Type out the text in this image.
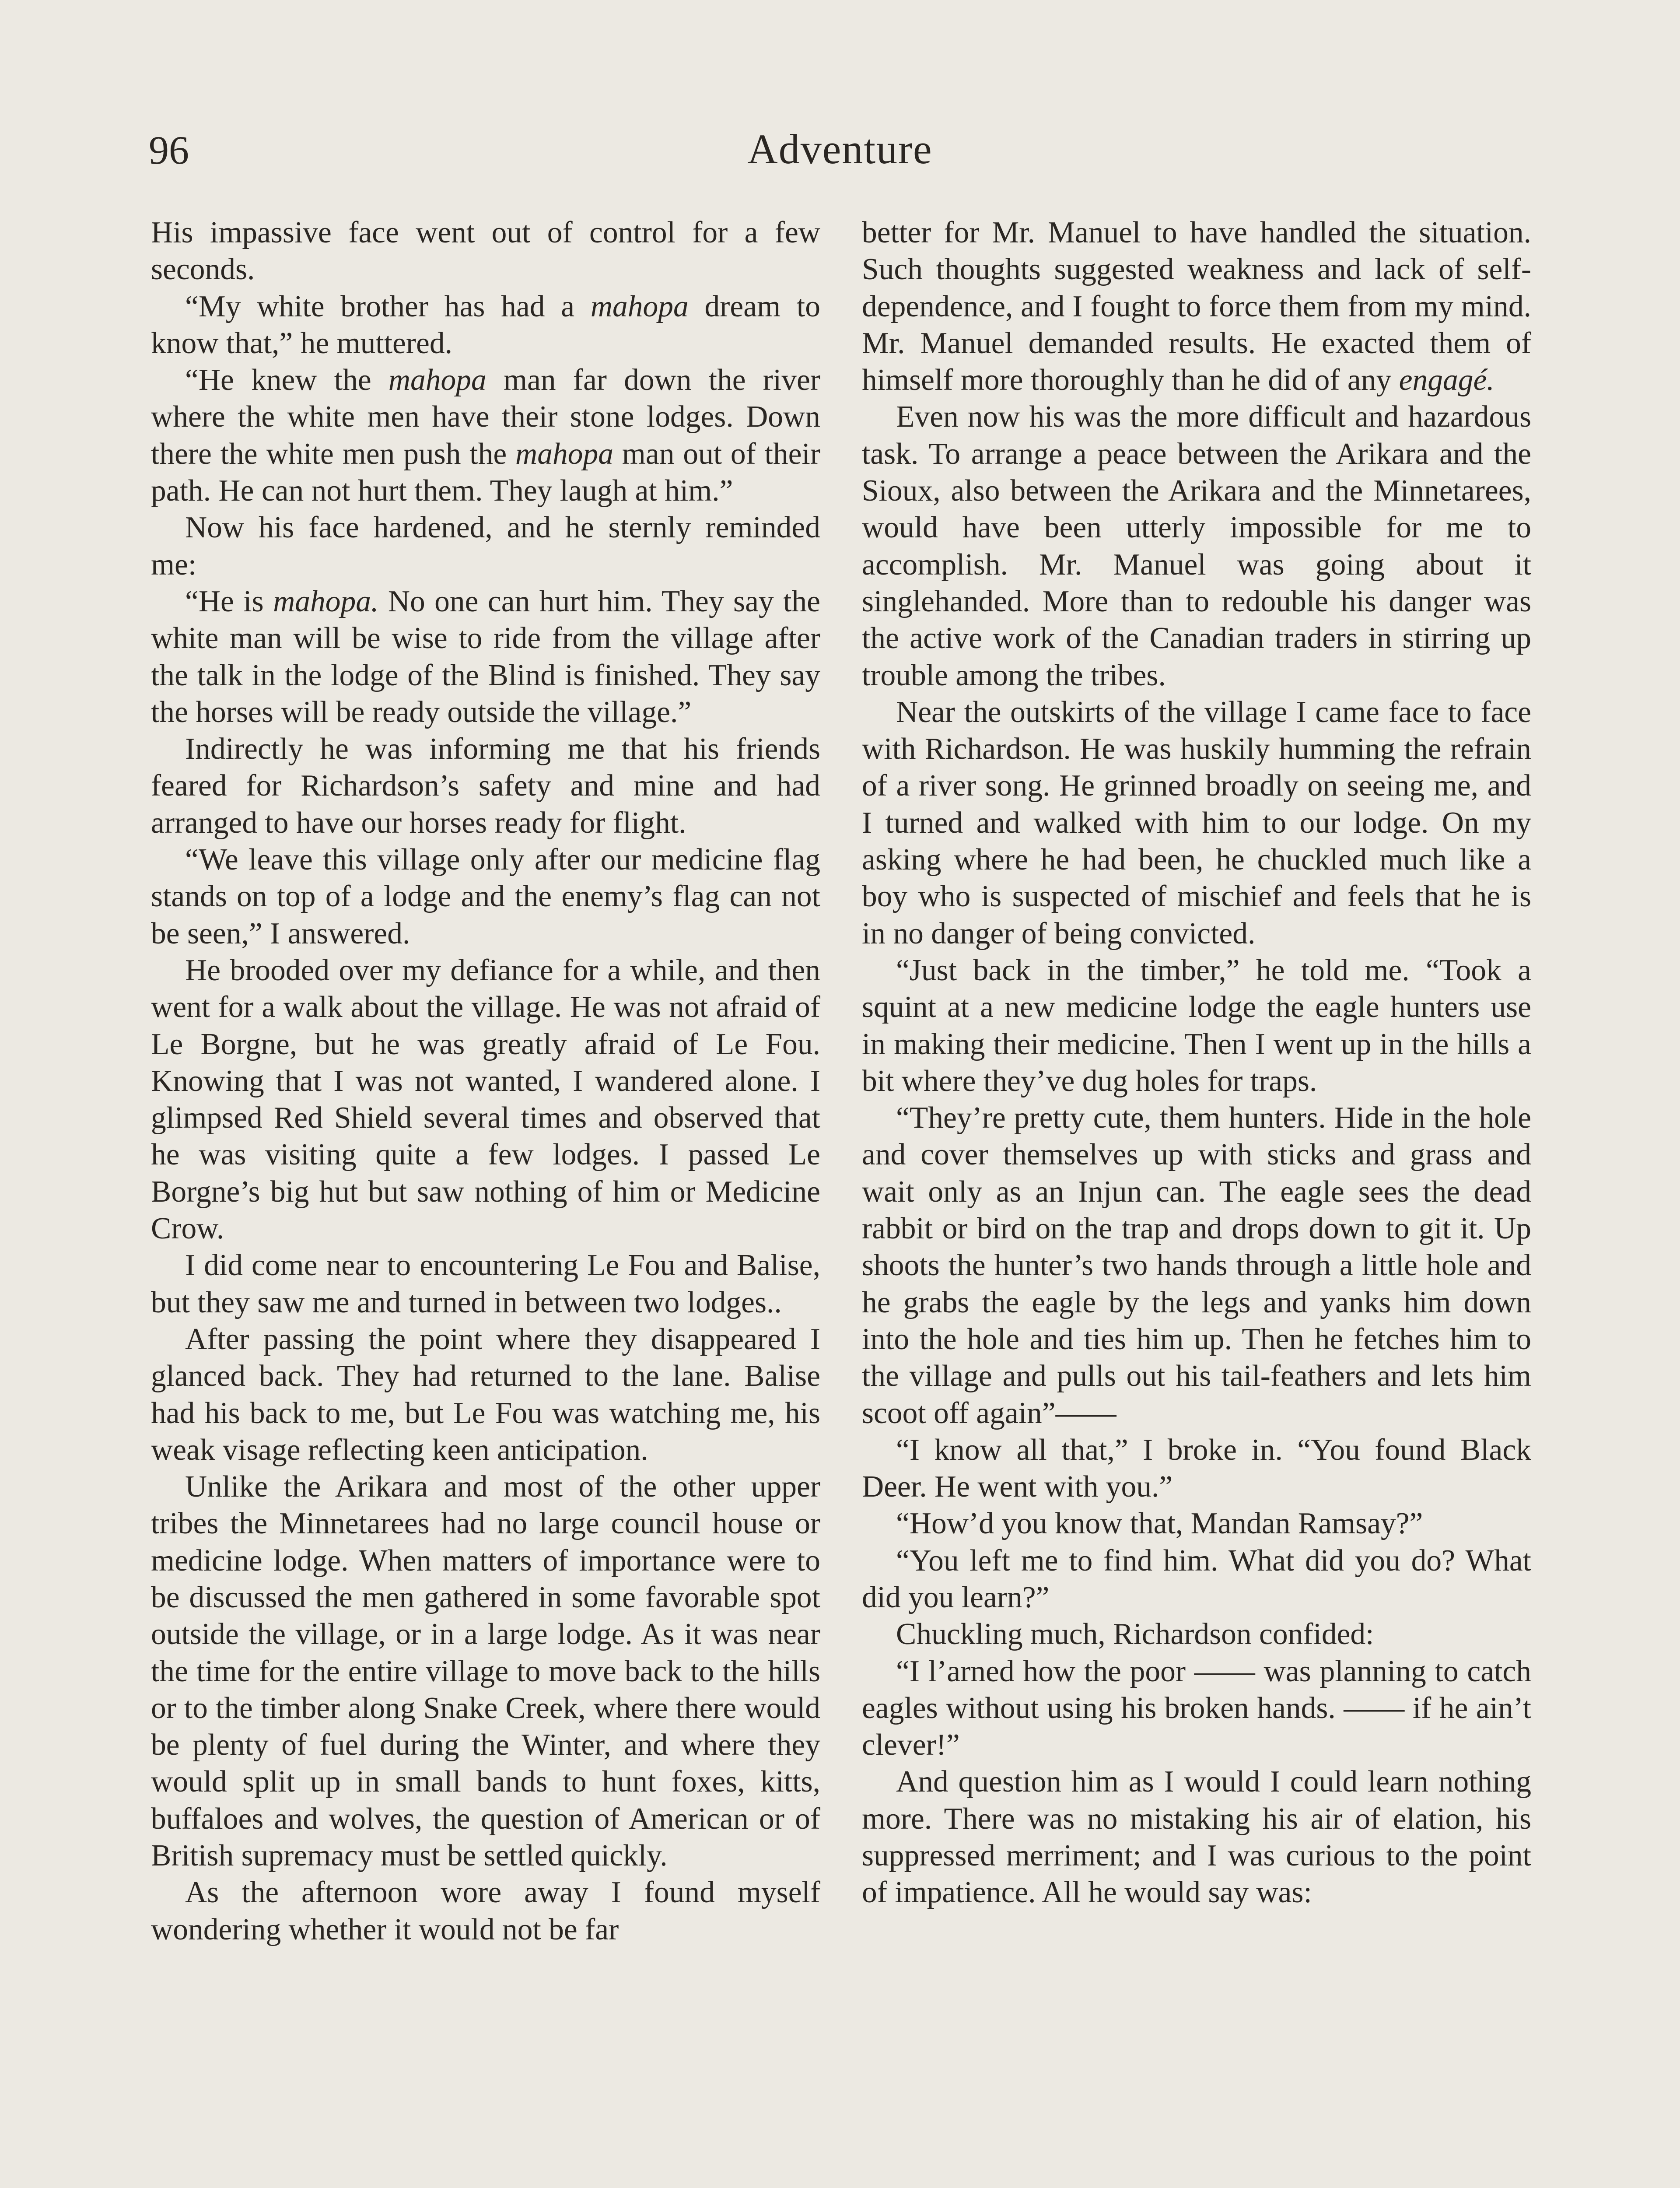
96	Adventure

His impassive face went out of control for a few seconds.

“My white brother has had a mahopa dream to know that,” he muttered.

“He knew the mahopa man far down the river where the white men have their stone lodges. Down there the white men push the mahopa man out of their path. He can not hurt them. They laugh at him.”

Now his face hardened, and he sternly reminded me:

“He is mahopa. No one can hurt him. They say the white man will be wise to ride from the village after the talk in the lodge of the Blind is finished. They say the horses will be ready outside the village.”

Indirectly he was informing me that his friends feared for Richardson’s safety and mine and had arranged to have our horses ready for flight.

“We leave this village only after our medicine flag stands on top of a lodge and the enemy’s flag can not be seen,” I answered.

He brooded over my defiance for a while, and then went for a walk about the village. He was not afraid of Le Borgne, but he was greatly afraid of Le Fou. Knowing that I was not wanted, I wandered alone. I glimpsed Red Shield several times and observed that he was visiting quite a few lodges. I passed Le Borgne’s big hut but saw nothing of him or Medicine Crow.

I did come near to encountering Le Fou and Balise, but they saw me and turned in between two lodges..

After passing the point where they disappeared I glanced back. They had returned to the lane. Balise had his back to me, but Le Fou was watching me, his weak visage reflecting keen anticipation.

Unlike the Arikara and most of the other upper tribes the Minnetarees had no large council house or medicine lodge. When matters of importance were to be discussed the men gathered in some favorable spot outside the village, or in a large lodge. As it was near the time for the entire village to move back to the hills or to the timber along Snake Creek, where there would be plenty of fuel during the Winter, and where they would split up in small bands to hunt foxes, kitts, buffaloes and wolves, the question of American or of British supremacy must be settled quickly.

As the afternoon wore away I found myself wondering whether it would not be far

better for Mr. Manuel to have handled the situation. Such thoughts suggested weakness and lack of self-dependence, and I fought to force them from my mind. Mr. Manuel demanded results. He exacted them of himself more thoroughly than he did of any engagé.

Even now his was the more difficult and hazardous task. To arrange a peace between the Arikara and the Sioux, also between the Arikara and the Minnetarees, would have been utterly impossible for me to accomplish. Mr. Manuel was going about it singlehanded. More than to redouble his danger was the active work of the Canadian traders in stirring up trouble among the tribes.

Near the outskirts of the village I came face to face with Richardson. He was huskily humming the refrain of a river song. He grinned broadly on seeing me, and I turned and walked with him to our lodge. On my asking where he had been, he chuckled much like a boy who is suspected of mischief and feels that he is in no danger of being convicted.

“Just back in the timber,” he told me. “Took a squint at a new medicine lodge the eagle hunters use in making their medicine. Then I went up in the hills a bit where they’ve dug holes for traps.

“They’re pretty cute, them hunters. Hide in the hole and cover themselves up with sticks and grass and wait only as an Injun can. The eagle sees the dead rabbit or bird on the trap and drops down to git it. Up shoots the hunter’s two hands through a little hole and he grabs the eagle by the legs and yanks him down into the hole and ties him up. Then he fetches him to the village and pulls out his tail-feathers and lets him scoot off again”——

“I know all that,” I broke in. “You found Black Deer. He went with you.”

“How’d you know that, Mandan Ramsay?”

“You left me to find him. What did you do? What did you learn?”

Chuckling much, Richardson confided:

“I l’arned how the poor —— was planning to catch eagles without using his broken hands. —— if he ain’t clever!”

And question him as I would I could learn nothing more. There was no mistaking his air of elation, his suppressed merriment; and I was curious to the point of impatience. All he would say was:
